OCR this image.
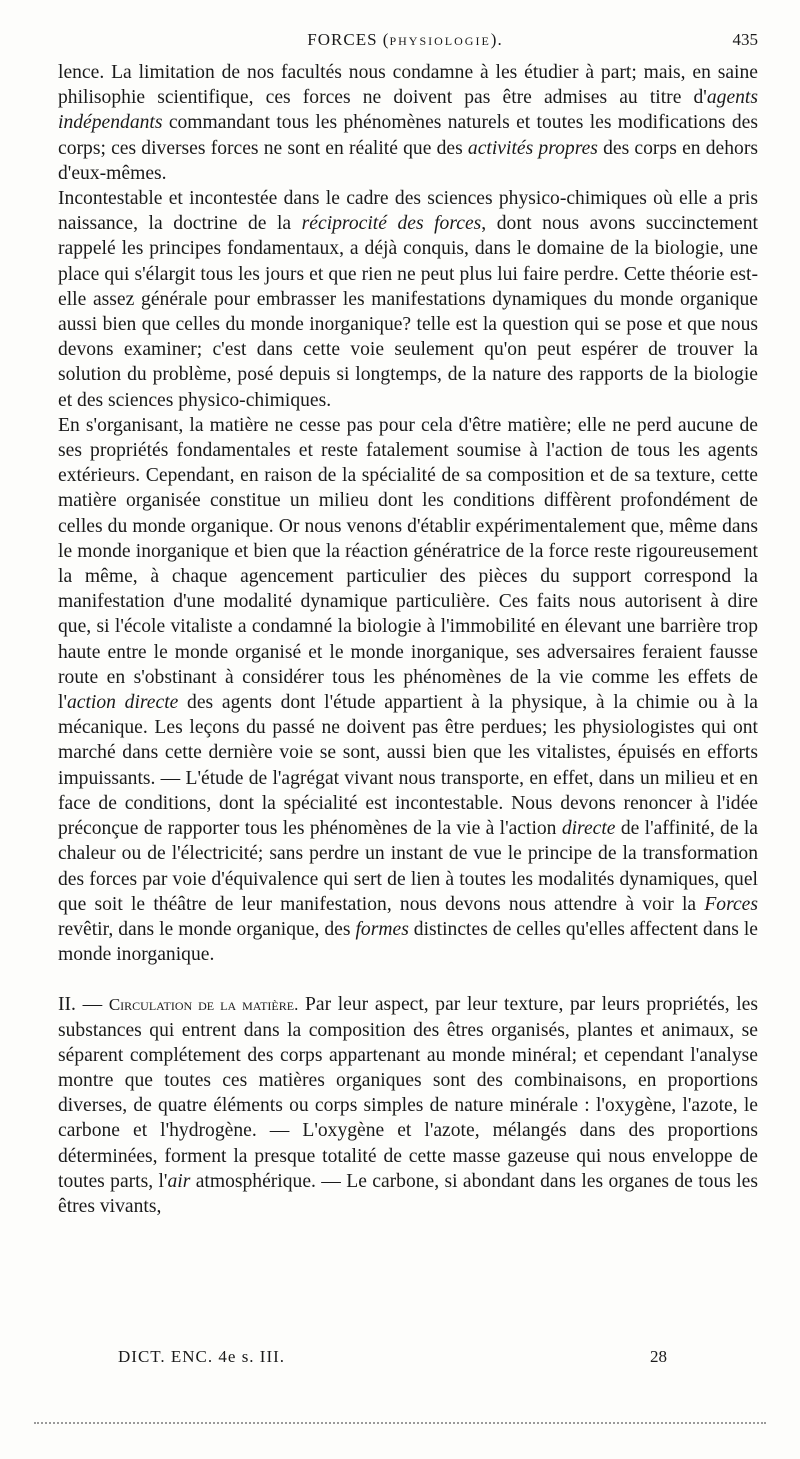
FORCES (PHYSIOLOGIE).	435

lence. La limitation de nos facultés nous condamne à les étudier à part; mais, en saine philisophie scientifique, ces forces ne doivent pas être admises au titre d'agents indépendants commandant tous les phénomènes naturels et toutes les modifications des corps; ces diverses forces ne sont en réalité que des activités propres des corps en dehors d'eux-mêmes.

Incontestable et incontestée dans le cadre des sciences physico-chimiques où elle a pris naissance, la doctrine de la réciprocité des forces, dont nous avons succinctement rappelé les principes fondamentaux, a déjà conquis, dans le domaine de la biologie, une place qui s'élargit tous les jours et que rien ne peut plus lui faire perdre. Cette théorie est-elle assez générale pour embrasser les manifestations dynamiques du monde organique aussi bien que celles du monde inorganique? telle est la question qui se pose et que nous devons examiner; c'est dans cette voie seulement qu'on peut espérer de trouver la solution du problème, posé depuis si longtemps, de la nature des rapports de la biologie et des sciences physico-chimiques.

En s'organisant, la matière ne cesse pas pour cela d'être matière; elle ne perd aucune de ses propriétés fondamentales et reste fatalement soumise à l'action de tous les agents extérieurs. Cependant, en raison de la spécialité de sa composition et de sa texture, cette matière organisée constitue un milieu dont les conditions diffèrent profondément de celles du monde organique. Or nous venons d'établir expérimentalement que, même dans le monde inorganique et bien que la réaction génératrice de la force reste rigoureusement la même, à chaque agencement particulier des pièces du support correspond la manifestation d'une modalité dynamique particulière. Ces faits nous autorisent à dire que, si l'école vitaliste a condamné la biologie à l'immobilité en élevant une barrière trop haute entre le monde organisé et le monde inorganique, ses adversaires feraient fausse route en s'obstinant à considérer tous les phénomènes de la vie comme les effets de l'action directe des agents dont l'étude appartient à la physique, à la chimie ou à la mécanique. Les leçons du passé ne doivent pas être perdues; les physiologistes qui ont marché dans cette dernière voie se sont, aussi bien que les vitalistes, épuisés en efforts impuissants. — L'étude de l'agrégat vivant nous transporte, en effet, dans un milieu et en face de conditions, dont la spécialité est incontestable. Nous devons renoncer à l'idée préconçue de rapporter tous les phénomènes de la vie à l'action directe de l'affinité, de la chaleur ou de l'électricité; sans perdre un instant de vue le principe de la transformation des forces par voie d'équivalence qui sert de lien à toutes les modalités dynamiques, quel que soit le théâtre de leur manifestation, nous devons nous attendre à voir la Forces revêtir, dans le monde organique, des formes distinctes de celles qu'elles affectent dans le monde inorganique.

II. — Circulation de la matière. Par leur aspect, par leur texture, par leurs propriétés, les substances qui entrent dans la composition des êtres organisés, plantes et animaux, se séparent complétement des corps appartenant au monde minéral; et cependant l'analyse montre que toutes ces matières organiques sont des combinaisons, en proportions diverses, de quatre éléments ou corps simples de nature minérale : l'oxygène, l'azote, le carbone et l'hydrogène. — L'oxygène et l'azote, mélangés dans des proportions déterminées, forment la presque totalité de cette masse gazeuse qui nous enveloppe de toutes parts, l'air atmosphérique. — Le carbone, si abondant dans les organes de tous les êtres vivants,

DICT. ENC. 4e s. III.	28
